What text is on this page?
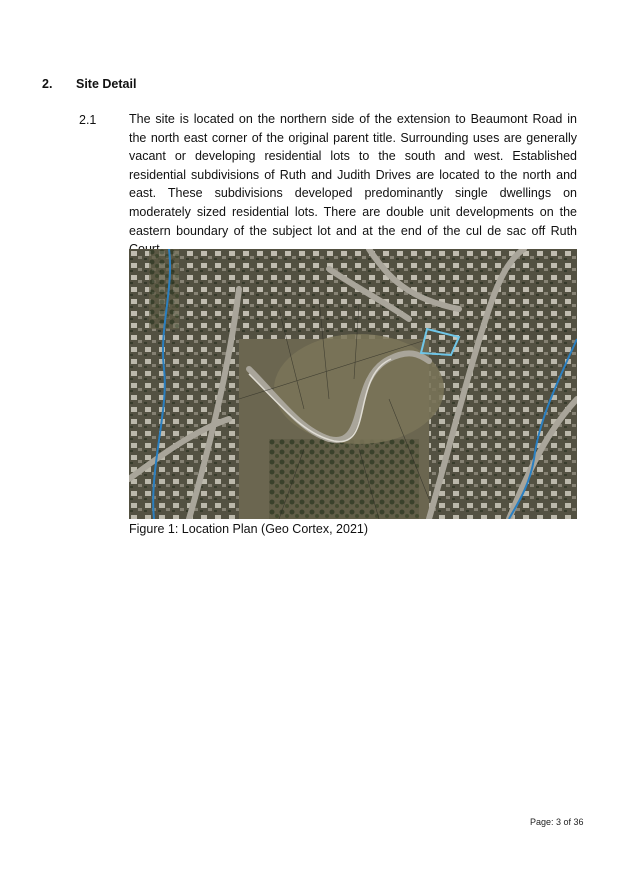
2. Site Detail
2.1	The site is located on the northern side of the extension to Beaumont Road in the north east corner of the original parent title. Surrounding uses are generally vacant or developing residential lots to the south and west. Established residential subdivisions of Ruth and Judith Drives are located to the north and east. These subdivisions developed predominantly single dwellings on moderately sized residential lots. There are double unit developments on the eastern boundary of the subject lot and at the end of the cul de sac off Ruth
Figure 1: Location Plan (Geo Cortex, 2021)
Page: 3 of 36
